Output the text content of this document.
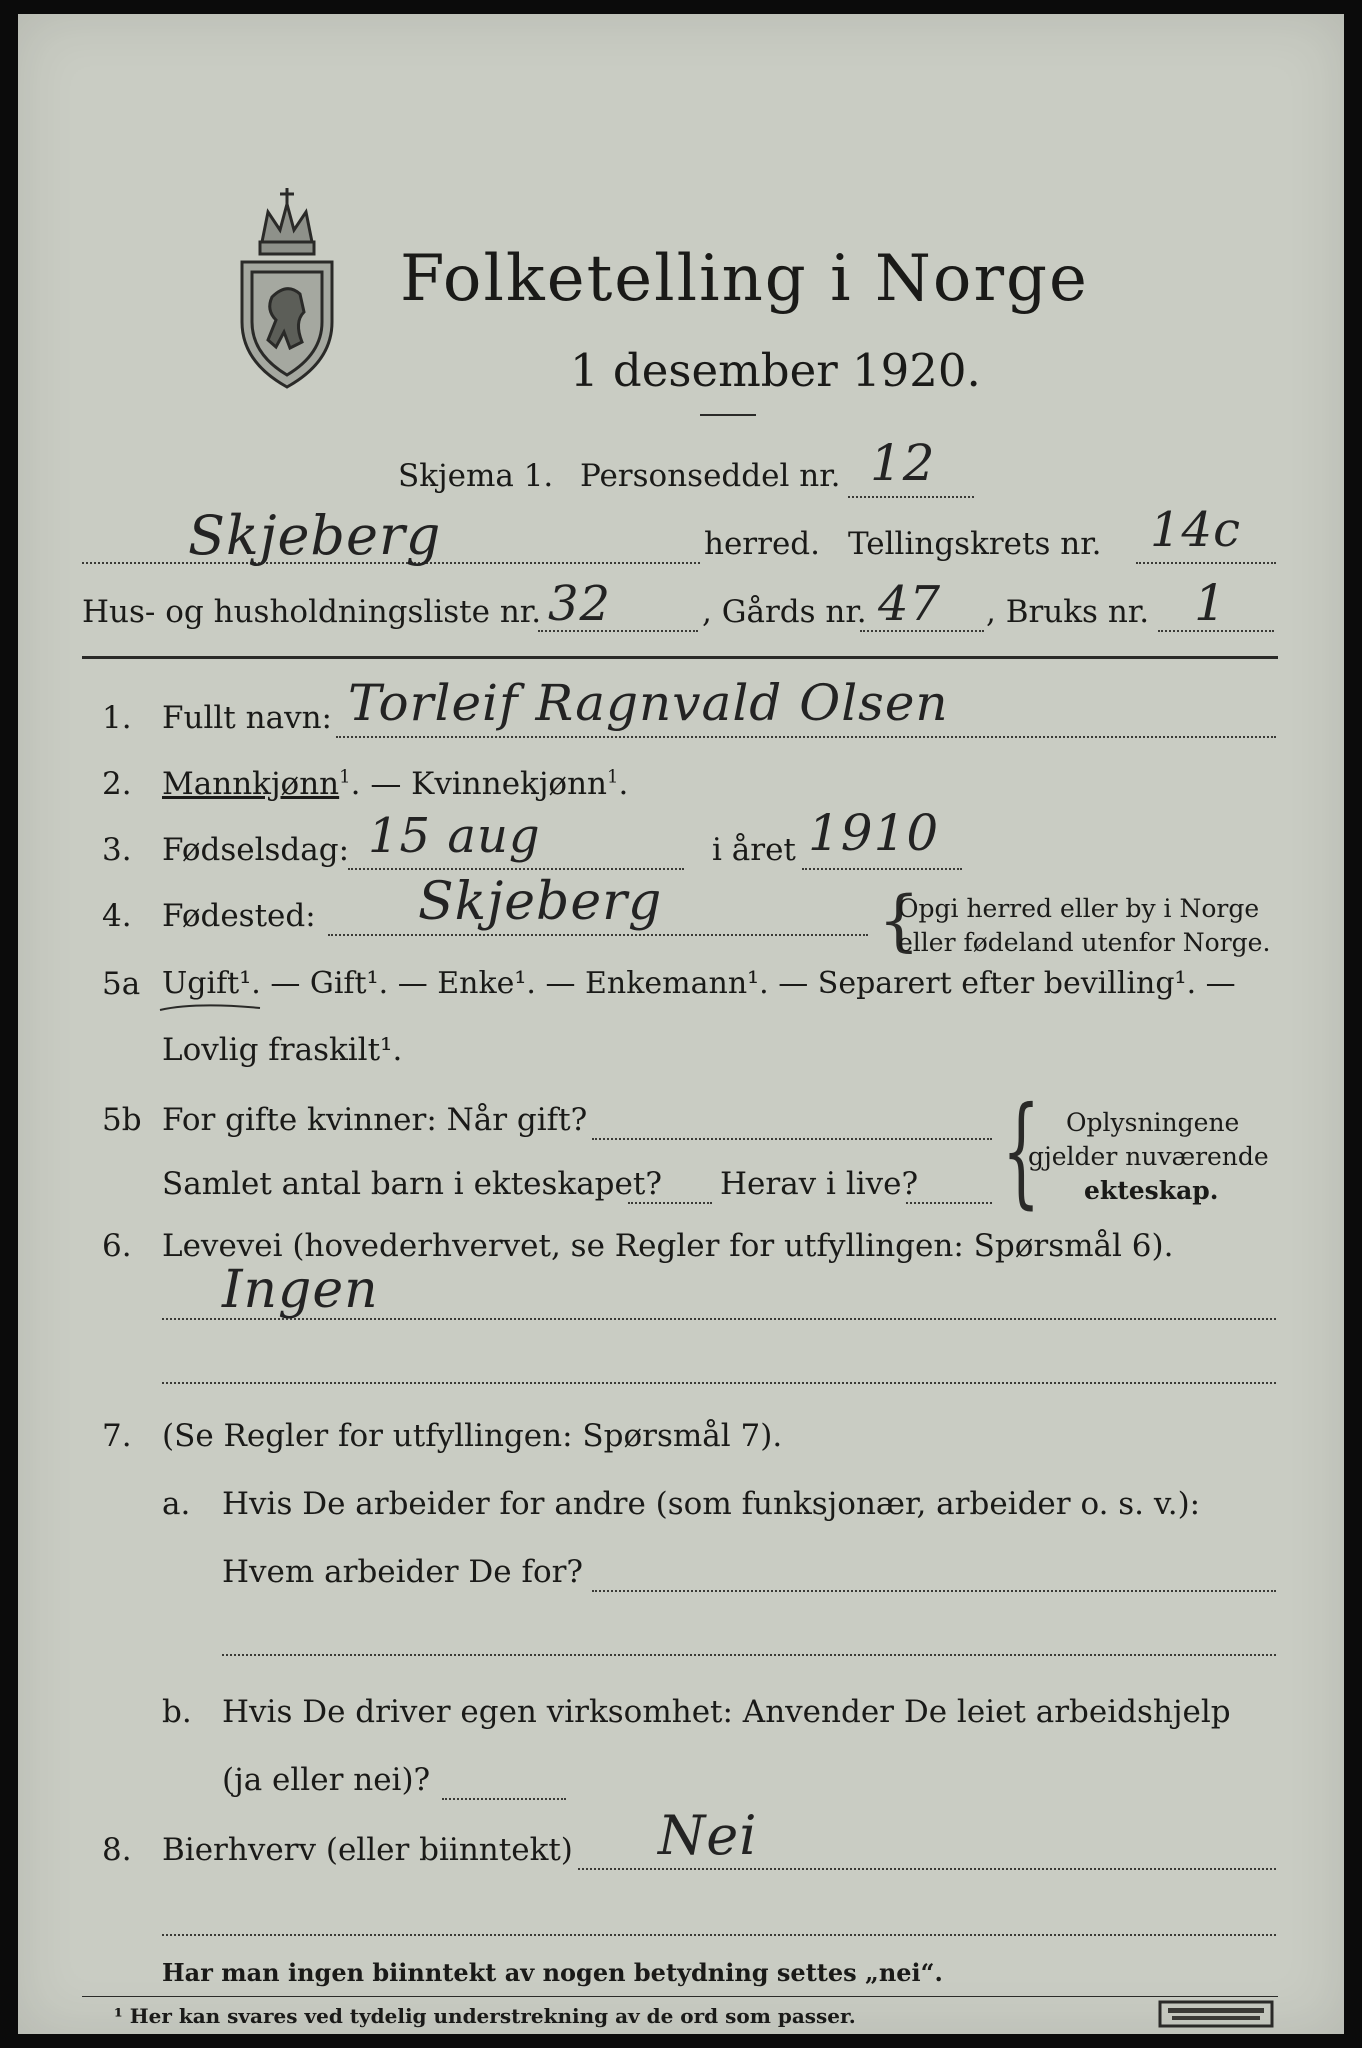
Folketelling i Norge
1 desember 1920.
Skjema 1. Personseddel nr. 12
Skjeberg	herred. Tellingskrets nr. 14c
Hus- og husholdningsliste nr. 32	, Gårds nr. 47 , Bruks nr. 1
1. Fullt navn: Torleif Ragnvald Olsen
2. Mannkjønn$^1$. — Kvinnekjønn$^1$.
3. Fødselsdag: 15 aug	i året 1910
4. Fødested: Skjeberg	{
Opgi herred eller by i Norge
eller fødeland utenfor Norge.
5a Ugift¹. — Gift¹. — Enke¹. — Enkemann¹. — Separert efter bevilling¹. —
Lovlig fraskilt¹.
5b For gifte kvinner: Når gift?
Samlet antal barn i ekteskapet? Herav i live? { Oplysningene
gjelder nuværende
ekteskap.
6. Levevei (hovederhvervet, se Regler for utfyllingen: Spørsmål 6).
Ingen
7. (Se Regler for utfyllingen: Spørsmål 7).
a. Hvis De arbeider for andre (som funksjonær, arbeider o. s. v.):
Hvem arbeider De for?
b. Hvis De driver egen virksomhet: Anvender De leiet arbeidshjelp
(ja eller nei)?
8. Bierhverv (eller biinntekt) Nei
Har man ingen biinntekt av nogen betydning settes „nei“.
¹ Her kan svares ved tydelig understrekning av de ord som passer.
